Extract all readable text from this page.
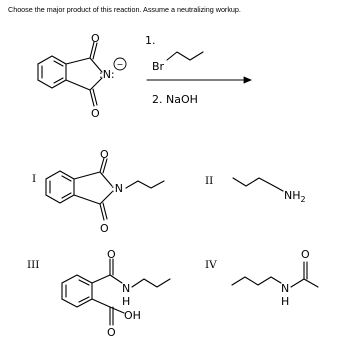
Choose the major product of this reaction. Assume a neutralizing workup.
O
O
:N:
−
1.
Br
2. NaOH
I
O
O
:N
II
$NH_2$
III
O
N
H
O
OH
IV
N
H
O
